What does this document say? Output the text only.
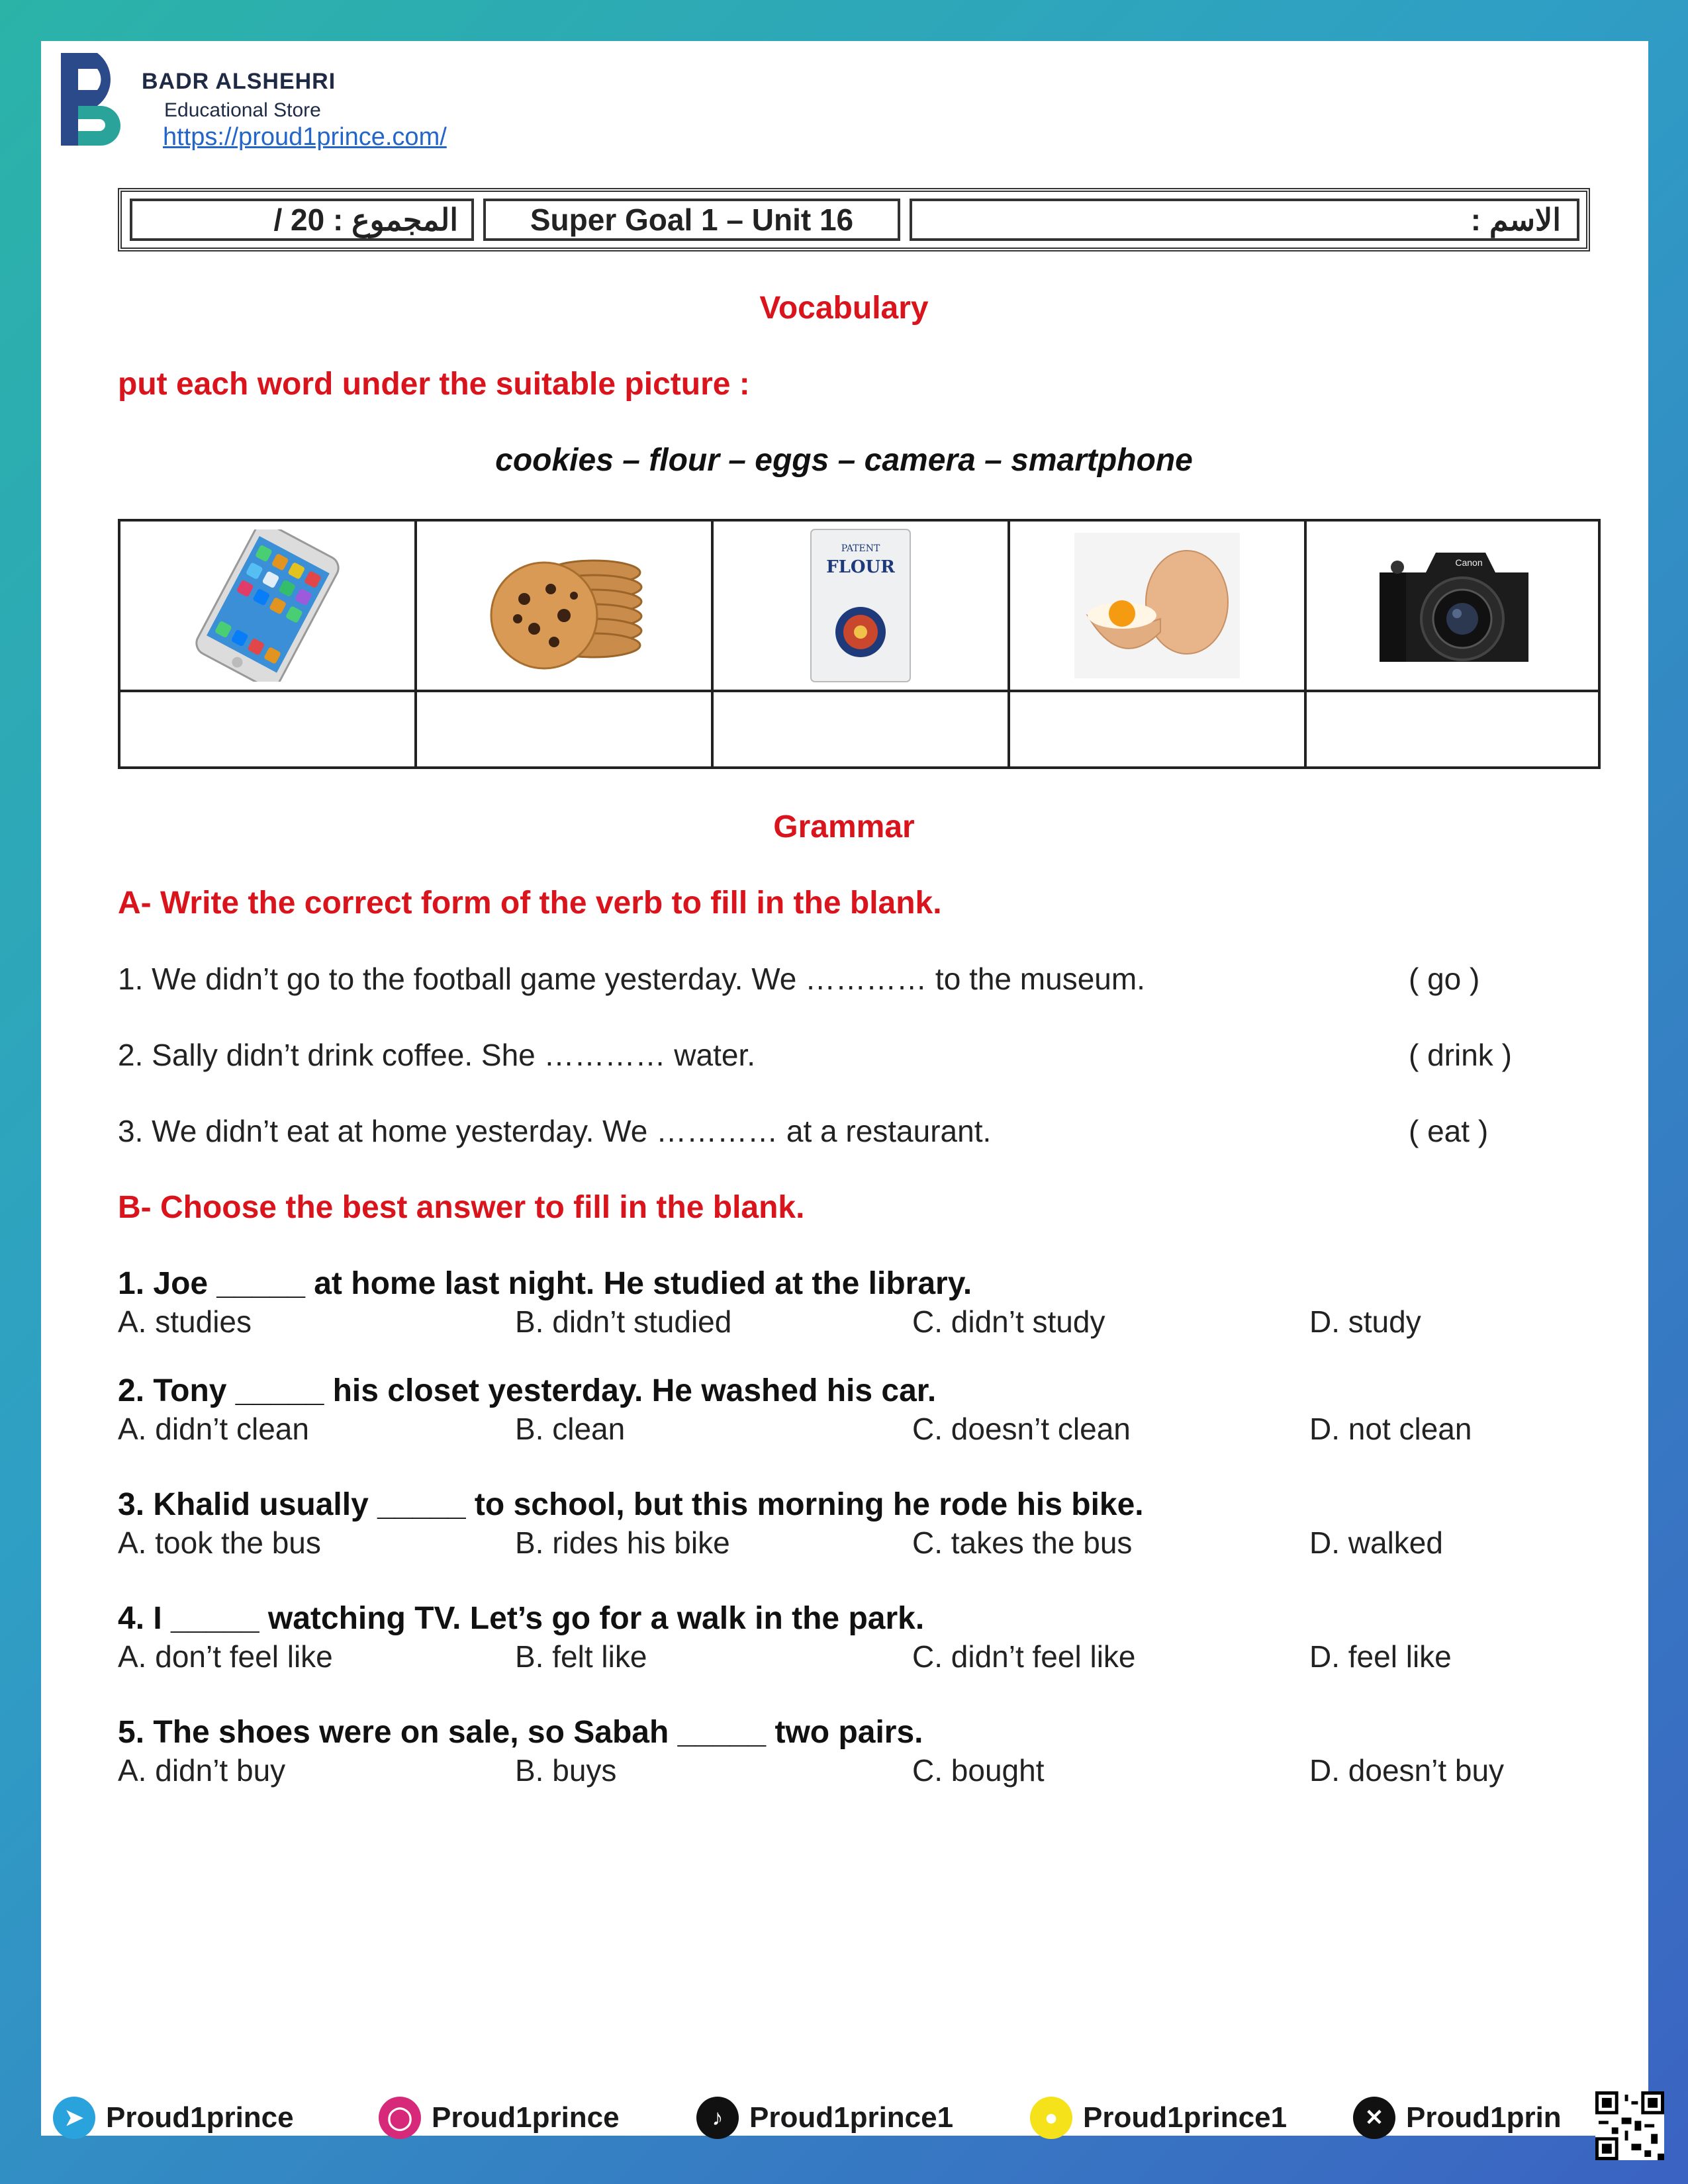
BADR ALSHEHRI
Educational Store
https://proud1prince.com/
/ 20 : المجموع	Super Goal 1 – Unit 16	: الاسم
Vocabulary
put each word under the suitable picture :
cookies – flour – eggs – camera – smartphone
PATENT
FLOUR	Canon
Grammar
A- Write the correct form of the verb to fill in the blank.
1. We didn’t go to the football game yesterday. We ………… to the museum.	( go )
2. Sally didn’t drink coffee. She ………… water.	( drink )
3. We didn’t eat at home yesterday. We ………… at a restaurant.	( eat )
B- Choose the best answer to fill in the blank.
1. Joe _____ at home last night. He studied at the library.
A. studies	B. didn’t studied	C. didn’t study	D. study
2. Tony _____ his closet yesterday. He washed his car.
A. didn’t clean	B. clean	C. doesn’t clean	D. not clean
3. Khalid usually _____ to school, but this morning he rode his bike.
A. took the bus	B. rides his bike	C. takes the bus	D. walked
4. I _____ watching TV. Let’s go for a walk in the park.
A. don’t feel like	B. felt like	C. didn’t feel like	D. feel like
5. The shoes were on sale, so Sabah _____ two pairs.
A. didn’t buy	B. buys	C. bought	D. doesn’t buy
➤ Proud1prince	◯ Proud1prince	♪ Proud1prince1	● Proud1prince1	✕ Proud1prin
